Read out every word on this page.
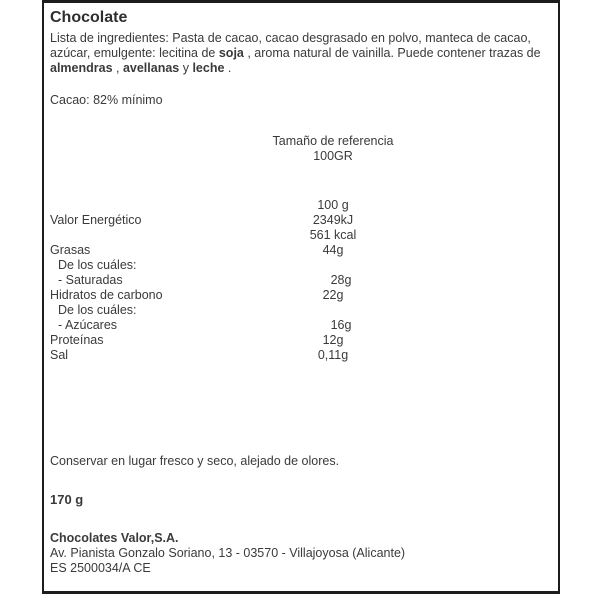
Chocolate

Lista de ingredientes: Pasta de cacao, cacao desgrasado en polvo, manteca de cacao, azúcar, emulgente: lecitina de soja , aroma natural de vainilla. Puede contener trazas de almendras , avellanas y leche .

Cacao: 82% mínimo

Tamaño de referencia
100GR
100 g
Valor Energético	2349kJ
561 kcal
Grasas	44g
De los cuáles:
- Saturadas	28g
Hidratos de carbono	22g
De los cuáles:
- Azúcares	16g
Proteínas	12g
Sal	0,11g

Conservar en lugar fresco y seco, alejado de olores.

170 g

Chocolates Valor,S.A.
Av. Pianista Gonzalo Soriano, 13 - 03570 - Villajoyosa (Alicante)
ES 2500034/A CE
